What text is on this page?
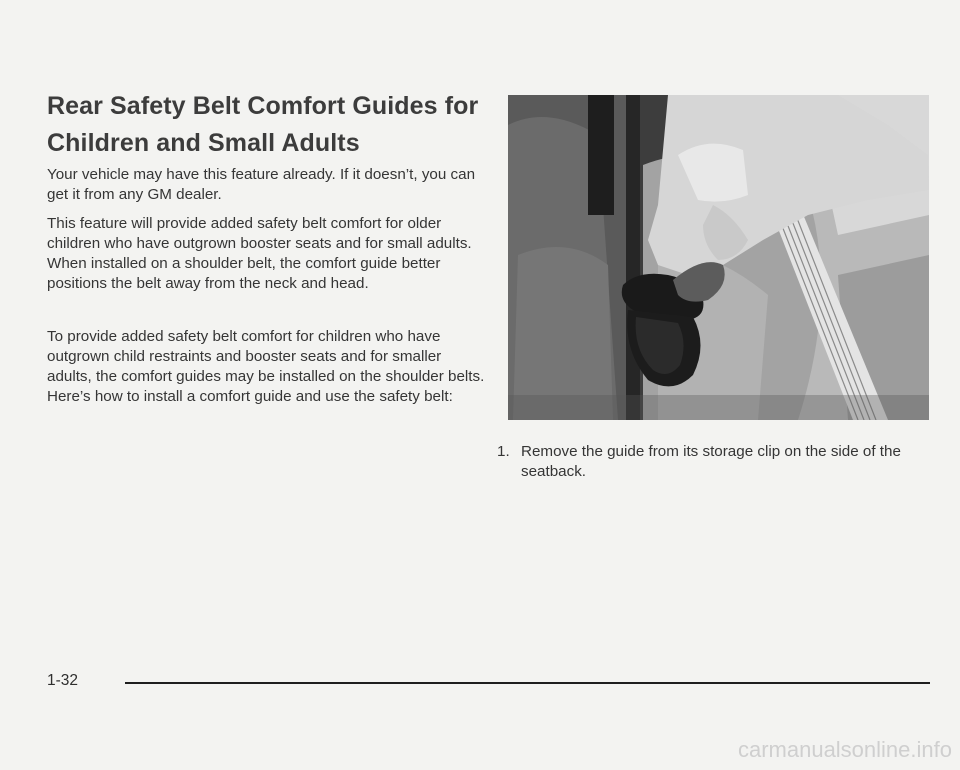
Rear Safety Belt Comfort Guides for Children and Small Adults

Your vehicle may have this feature already. If it doesn’t, you can get it from any GM dealer.

This feature will provide added safety belt comfort for older children who have outgrown booster seats and for small adults. When installed on a shoulder belt, the comfort guide better positions the belt away from the neck and head.

To provide added safety belt comfort for children who have outgrown child restraints and booster seats and for smaller adults, the comfort guides may be installed on the shoulder belts. Here’s how to install a comfort guide and use the safety belt:

1. Remove the guide from its storage clip on the side of the seatback.
1-32
carmanualsonline.info
